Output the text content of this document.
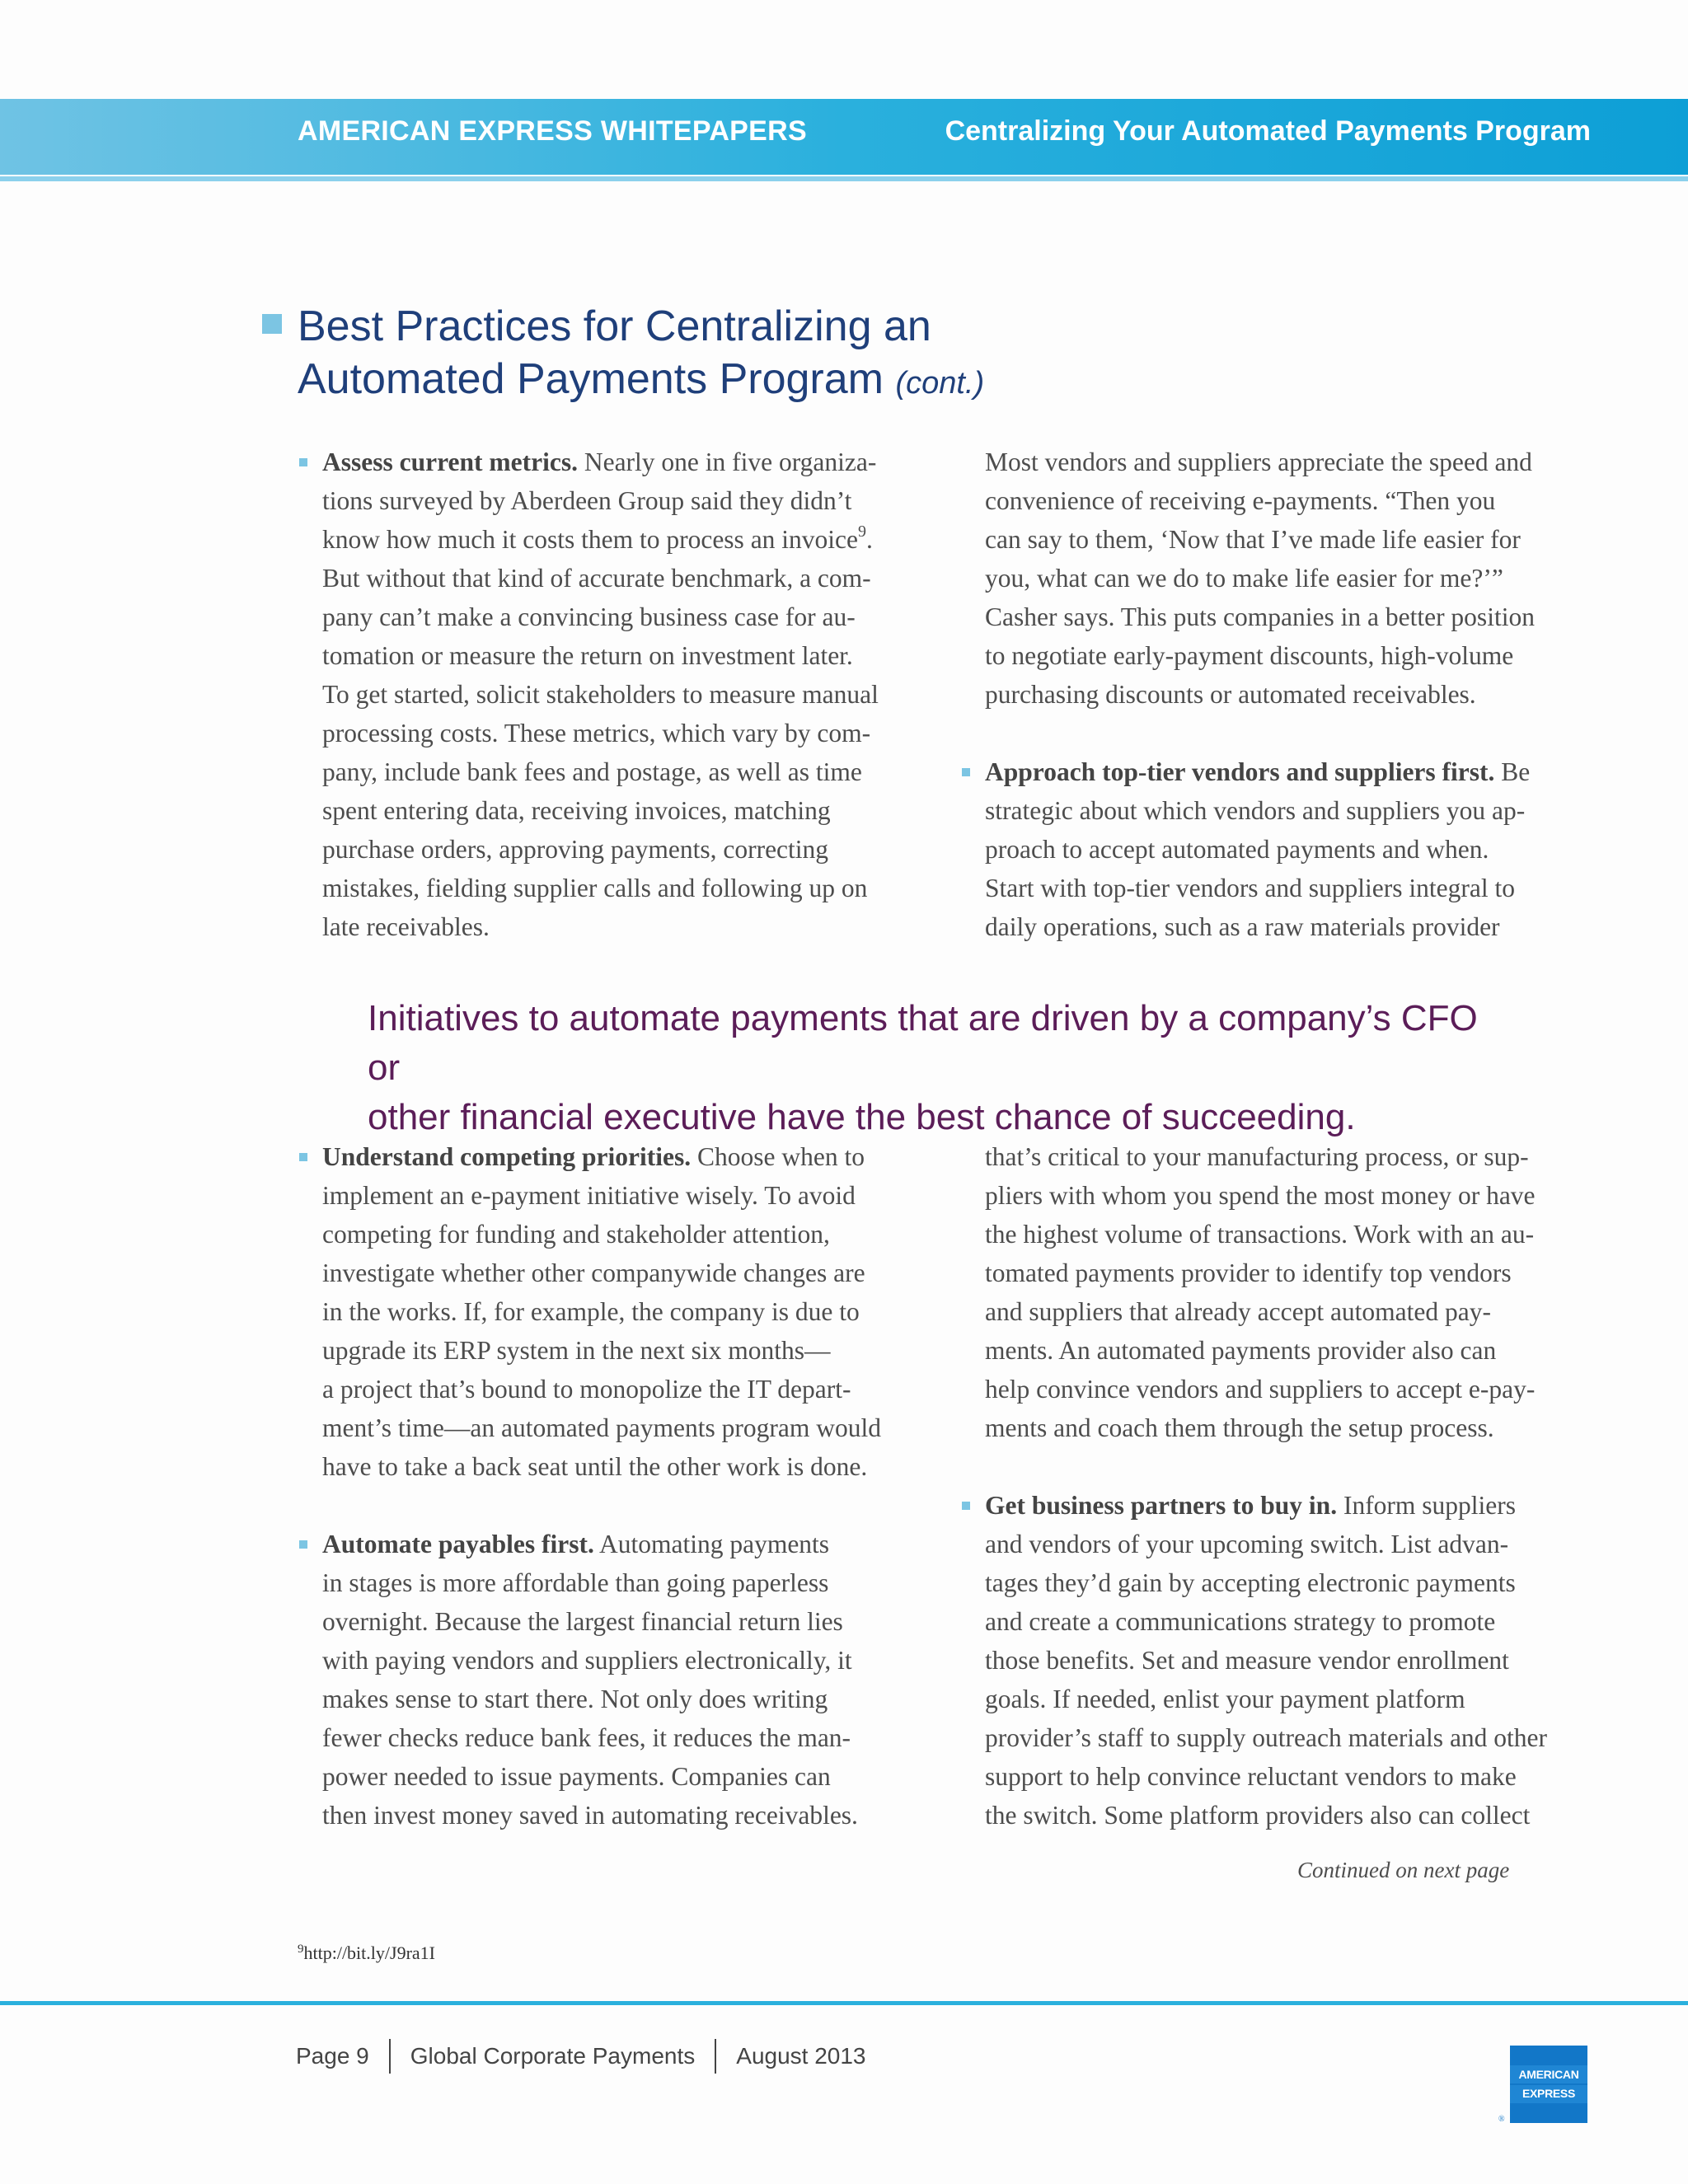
AMERICAN EXPRESS WHITEPAPERS	Centralizing Your Automated Payments Program
Best Practices for Centralizing an
Automated Payments Program (cont.)

Assess current metrics. Nearly one in five organiza-

tions surveyed by Aberdeen Group said they didn’t

know how much it costs them to process an invoice$^9$.

But without that kind of accurate benchmark, a com-

pany can’t make a convincing business case for au-

tomation or measure the return on investment later.

To get started, solicit stakeholders to measure manual

processing costs. These metrics, which vary by com-

pany, include bank fees and postage, as well as time

spent entering data, receiving invoices, matching

purchase orders, approving payments, correcting

mistakes, fielding supplier calls and following up on

late receivables.

Most vendors and suppliers appreciate the speed and

convenience of receiving e-payments. “Then you

can say to them, ‘Now that I’ve made life easier for

you, what can we do to make life easier for me?’”

Casher says. This puts companies in a better position

to negotiate early-payment discounts, high-volume

purchasing discounts or automated receivables.

Approach top-tier vendors and suppliers first. Be

strategic about which vendors and suppliers you ap-

proach to accept automated payments and when.

Start with top-tier vendors and suppliers integral to

daily operations, such as a raw materials provider

Initiatives to automate payments that are driven by a company’s CFO or
other financial executive have the best chance of succeeding.

Understand competing priorities. Choose when to

implement an e-payment initiative wisely. To avoid

competing for funding and stakeholder attention,

investigate whether other companywide changes are

in the works. If, for example, the company is due to

upgrade its ERP system in the next six months—

a project that’s bound to monopolize the IT depart-

ment’s time—an automated payments program would

have to take a back seat until the other work is done.

Automate payables first. Automating payments

in stages is more affordable than going paperless

overnight. Because the largest financial return lies

with paying vendors and suppliers electronically, it

makes sense to start there. Not only does writing

fewer checks reduce bank fees, it reduces the man-

power needed to issue payments. Companies can

then invest money saved in automating receivables.

that’s critical to your manufacturing process, or sup-

pliers with whom you spend the most money or have

the highest volume of transactions. Work with an au-

tomated payments provider to identify top vendors

and suppliers that already accept automated pay-

ments. An automated payments provider also can

help convince vendors and suppliers to accept e-pay-

ments and coach them through the setup process.

Get business partners to buy in. Inform suppliers

and vendors of your upcoming switch. List advan-

tages they’d gain by accepting electronic payments

and create a communications strategy to promote

those benefits. Set and measure vendor enrollment

goals. If needed, enlist your payment platform

provider’s staff to supply outreach materials and other

support to help convince reluctant vendors to make

the switch. Some platform providers also can collect

Continued on next page
$^9$http://bit.ly/J9ra1I
Page 9 Global Corporate Payments August 2013
AMERICAN
EXPRESS
®
